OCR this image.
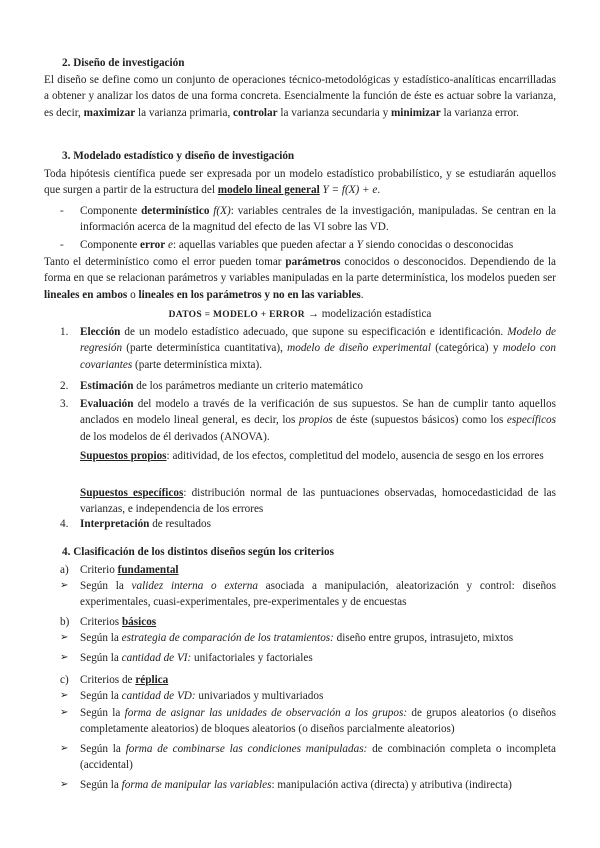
2. Diseño de investigación
El diseño se define como un conjunto de operaciones técnico-metodológicas y estadístico-analíticas encarrilladas a obtener y analizar los datos de una forma concreta. Esencialmente la función de éste es actuar sobre la varianza, es decir, maximizar la varianza primaria, controlar la varianza secundaria y minimizar la varianza error.
3. Modelado estadístico y diseño de investigación
Toda hipótesis científica puede ser expresada por un modelo estadístico probabilístico, y se estudiarán aquellos que surgen a partir de la estructura del modelo lineal general Y = f(X) + e.
- Componente determinístico f(X): variables centrales de la investigación, manipuladas. Se centran en la información acerca de la magnitud del efecto de las VI sobre las VD.
- Componente error e: aquellas variables que pueden afectar a Y siendo conocidas o desconocidas
Tanto el determinístico como el error pueden tomar parámetros conocidos o desconocidos. Dependiendo de la forma en que se relacionan parámetros y variables manipuladas en la parte determinística, los modelos pueden ser lineales en ambos o lineales en los parámetros y no en las variables.
DATOS = MODELO + ERROR → modelización estadística
1.	Elección de un modelo estadístico adecuado, que supone su especificación e identificación. Modelo de regresión (parte determinística cuantitativa), modelo de diseño experimental (categórica) y modelo con covariantes (parte determinística mixta).
2.	Estimación de los parámetros mediante un criterio matemático
3.	Evaluación del modelo a través de la verificación de sus supuestos. Se han de cumplir tanto aquellos anclados en modelo lineal general, es decir, los propios de éste (supuestos básicos) como los específicos de los modelos de él derivados (ANOVA).
Supuestos propios: aditividad, de los efectos, completitud del modelo, ausencia de sesgo en los errores
Supuestos específicos: distribución normal de las puntuaciones observadas, homocedasticidad de las varianzas, e independencia de los errores
4.	Interpretación de resultados
4. Clasificación de los distintos diseños según los criterios
a)	Criterio fundamental
➢ Según la validez interna o externa asociada a manipulación, aleatorización y control: diseños experimentales, cuasi-experimentales, pre-experimentales y de encuestas
b) Criterios básicos
➢ Según la estrategia de comparación de los tratamientos: diseño entre grupos, intrasujeto, mixtos
➢ Según la cantidad de VI: unifactoriales y factoriales
c)	Criterios de réplica
➢ Según la cantidad de VD: univariados y multivariados
➢ Según la forma de asignar las unidades de observación a los grupos: de grupos aleatorios (o diseños completamente aleatorios) de bloques aleatorios (o diseños parcialmente aleatorios)
➢ Según la forma de combinarse las condiciones manipuladas: de combinación completa o incompleta (accidental)
➢ Según la forma de manipular las variables: manipulación activa (directa) y atributiva (indirecta)
